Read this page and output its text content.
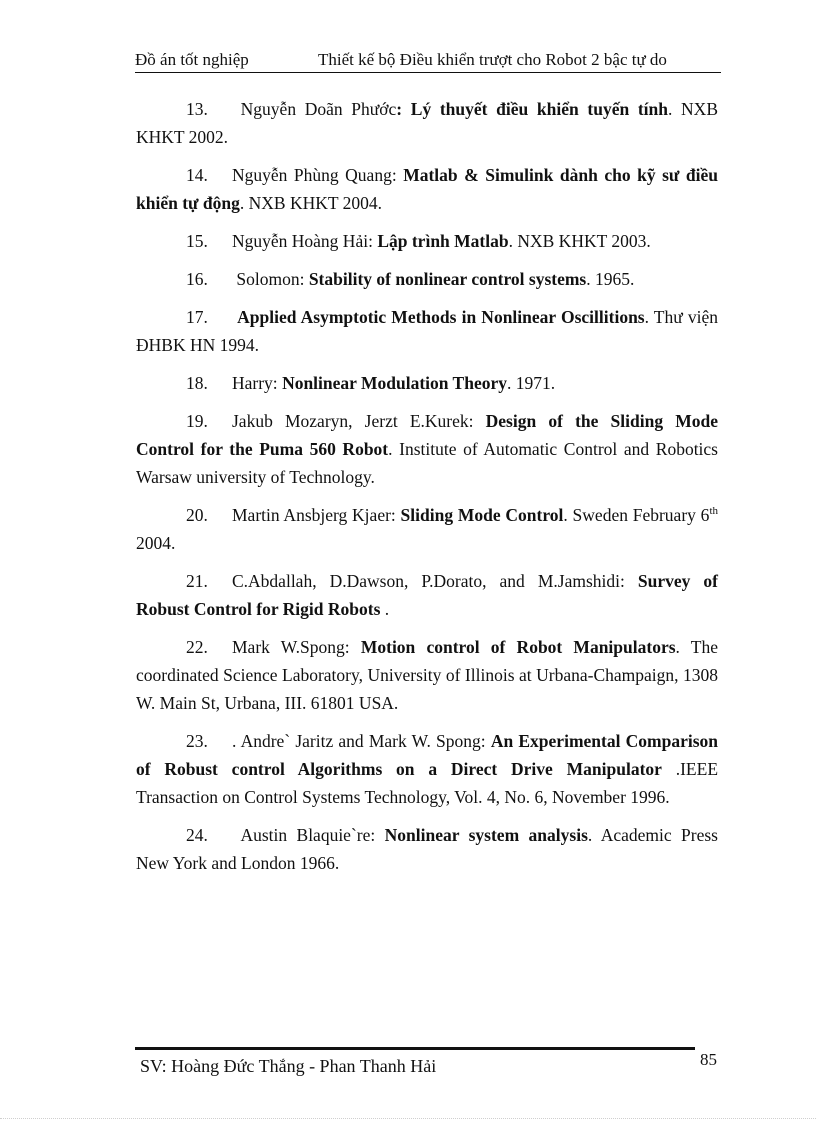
Đồ án tốt nghiệp	Thiết kế bộ Điều khiển trượt cho Robot 2 bậc tự do

13. Nguyễn Doãn Phước: Lý thuyết điều khiển tuyến tính. NXB KHKT 2002.

14. Nguyễn Phùng Quang: Matlab & Simulink dành cho kỹ sư điều khiển tự động. NXB KHKT 2004.

15. Nguyễn Hoàng Hải: Lập trình Matlab. NXB KHKT 2003.

16. Solomon: Stability of nonlinear control systems. 1965.

17. Applied Asymptotic Methods in Nonlinear Oscillitions. Thư viện ĐHBK HN 1994.

18. Harry: Nonlinear Modulation Theory. 1971.

19. Jakub Mozaryn, Jerzt E.Kurek: Design of the Sliding Mode Control for the Puma 560 Robot. Institute of Automatic Control and Robotics Warsaw university of Technology.

20. Martin Ansbjerg Kjaer: Sliding Mode Control. Sweden February 6th 2004.

21. C.Abdallah, D.Dawson, P.Dorato, and M.Jamshidi: Survey of Robust Control for Rigid Robots .

22. Mark W.Spong: Motion control of Robot Manipulators. The coordinated Science Laboratory, University of Illinois at Urbana-Champaign, 1308 W. Main St, Urbana, III. 61801 USA.

23. . Andre` Jaritz and Mark W. Spong: An Experimental Comparison of Robust control Algorithms on a Direct Drive Manipulator .IEEE Transaction on Control Systems Technology, Vol. 4, No. 6, November 1996.

24. Austin Blaquie`re: Nonlinear system analysis. Academic Press New York and London 1966.

SV: Hoàng Đức Thắng - Phan Thanh Hải	85
